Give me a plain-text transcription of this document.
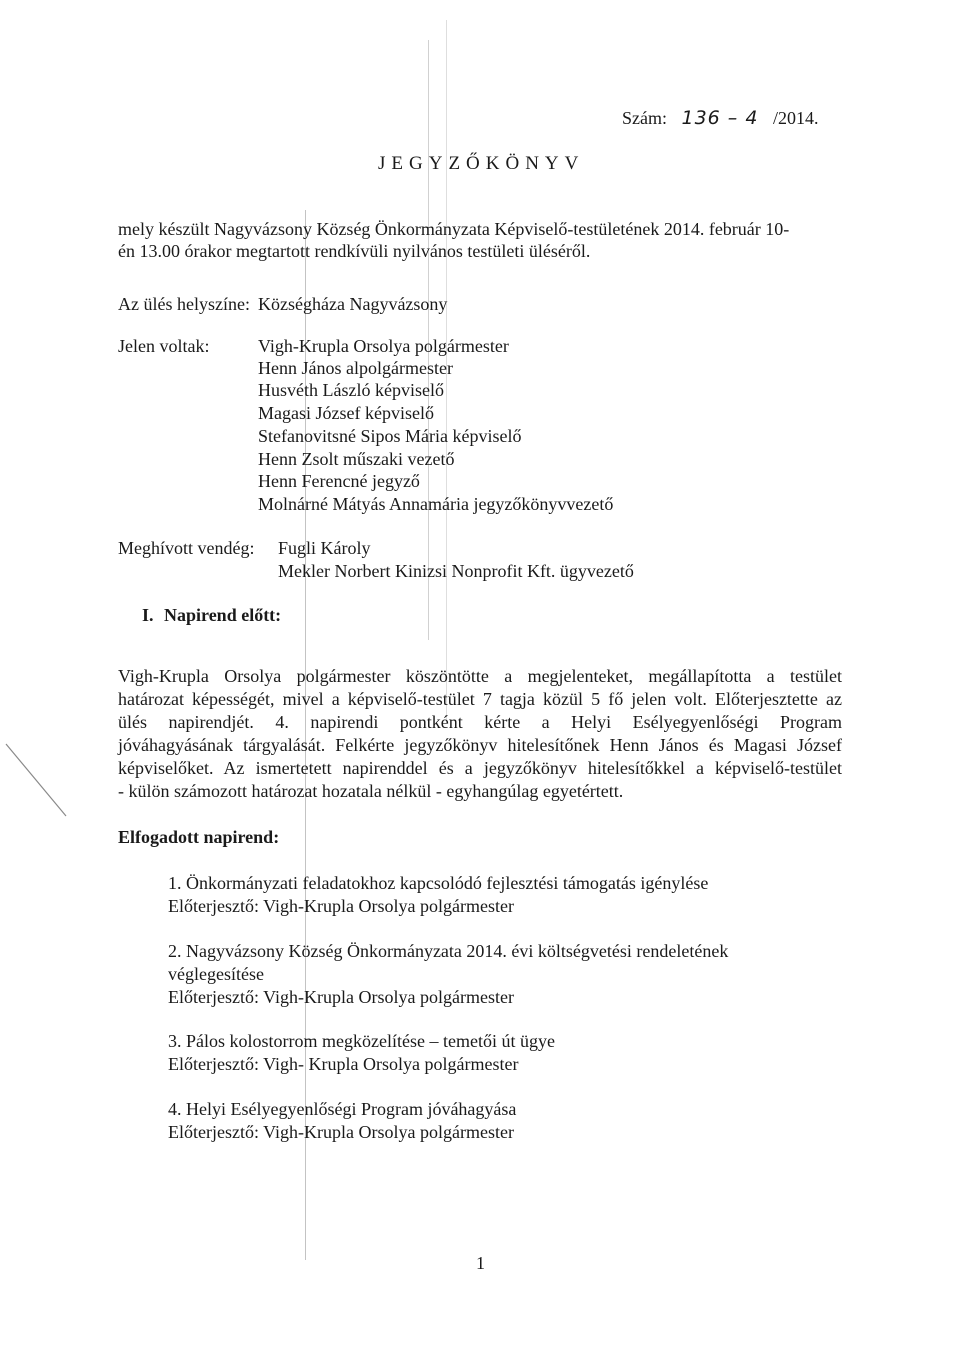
Szám: 136 – 4 /2014.
JEGYZŐKÖNYV
mely készült Nagyvázsony Község Önkormányzata Képviselő-testületének 2014. február 10-
én 13.00 órakor megtartott rendkívüli nyilvános testületi üléséről.
Az ülés helyszíne: Községháza Nagyvázsony
Jelen voltak:	Vigh-Krupla Orsolya polgármester
Henn János alpolgármester
Husvéth László képviselő
Magasi József képviselő
Stefanovitsné Sipos Mária képviselő
Henn Zsolt műszaki vezető
Henn Ferencné jegyző
Molnárné Mátyás Annamária jegyzőkönyvvezető
Meghívott vendég: Fugli Károly
Mekler Norbert Kinizsi Nonprofit Kft. ügyvezető
I. Napirend előtt:
Vigh-Krupla Orsolya polgármester köszöntötte a megjelenteket, megállapította a testület
határozat képességét, mivel a képviselő-testület 7 tagja közül 5 fő jelen volt. Előterjesztette az
ülés napirendjét. 4. napirendi pontként kérte a Helyi Esélyegyenlőségi Program
jóváhagyásának tárgyalását. Felkérte jegyzőkönyv hitelesítőnek Henn János és Magasi József
képviselőket. Az ismertetett napirenddel és a jegyzőkönyv hitelesítőkkel a képviselő-testület
- külön számozott határozat hozatala nélkül - egyhangúlag egyetértett.
Elfogadott napirend:
1. Önkormányzati feladatokhoz kapcsolódó fejlesztési támogatás igénylése
Előterjesztő: Vigh-Krupla Orsolya polgármester
2. Nagyvázsony Község Önkormányzata 2014. évi költségvetési rendeletének
véglegesítése
Előterjesztő: Vigh-Krupla Orsolya polgármester
3. Pálos kolostorrom megközelítése – temetői út ügye
Előterjesztő: Vigh- Krupla Orsolya polgármester
4. Helyi Esélyegyenlőségi Program jóváhagyása
Előterjesztő: Vigh-Krupla Orsolya polgármester
1
